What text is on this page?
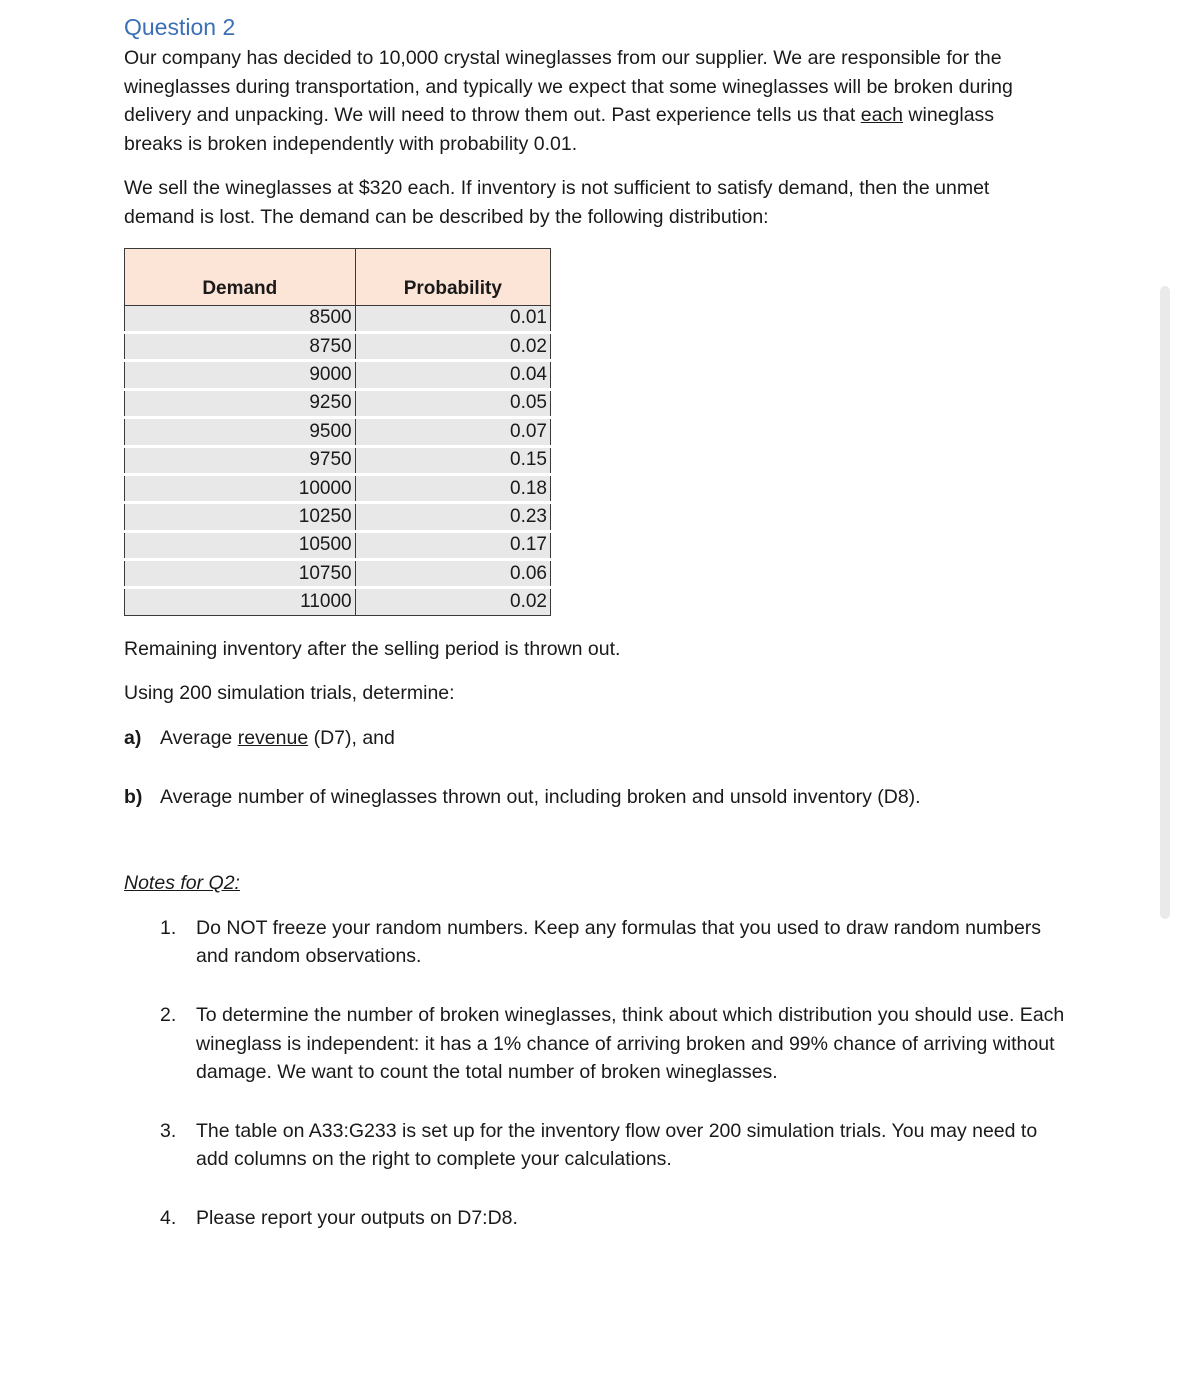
Question 2

Our company has decided to 10,000 crystal wineglasses from our supplier. We are responsible for the wineglasses during transportation, and typically we expect that some wineglasses will be broken during delivery and unpacking. We will need to throw them out. Past experience tells us that each wineglass breaks is broken independently with probability 0.01.

We sell the wineglasses at $320 each. If inventory is not sufficient to satisfy demand, then the unmet demand is lost. The demand can be described by the following distribution:

Demand	Probability
8500	0.01
8750	0.02
9000	0.04
9250	0.05
9500	0.07
9750	0.15
10000	0.18
10250	0.23
10500	0.17
10750	0.06
11000	0.02

Remaining inventory after the selling period is thrown out.

Using 200 simulation trials, determine:

a) Average revenue (D7), and
b) Average number of wineglasses thrown out, including broken and unsold inventory (D8).

Notes for Q2:

1.	Do NOT freeze your random numbers. Keep any formulas that you used to draw random numbers and random observations.
2.	To determine the number of broken wineglasses, think about which distribution you should use. Each wineglass is independent: it has a 1% chance of arriving broken and 99% chance of arriving without damage. We want to count the total number of broken wineglasses.
3.	The table on A33:G233 is set up for the inventory flow over 200 simulation trials. You may need to add columns on the right to complete your calculations.
4.	Please report your outputs on D7:D8.
